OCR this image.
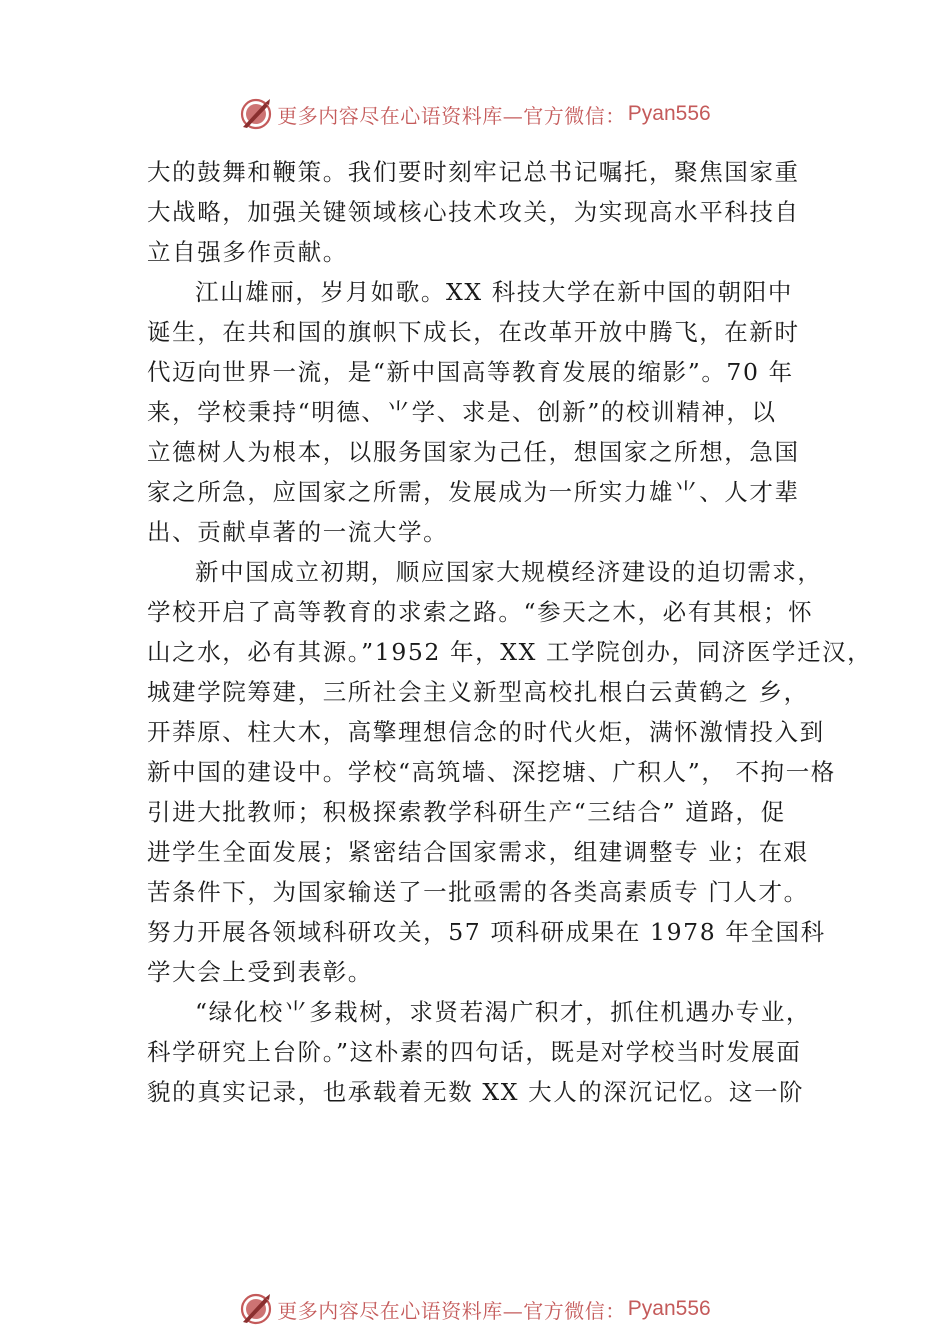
更多内容尽在心语资料库—官方微信： Pyan556
大的鼓舞和鞭策。我们要时刻牢记总书记嘱托，聚焦国家重
大战略，加强关键领域核心技术攻关，为实现高水平科技自
立自强多作贡献。
江山雄丽，岁月如歌。XX 科技大学在新中国的朝阳中
诞生，在共和国的旗帜下成长，在改革开放中腾飞，在新时
代迈向世界一流，是“新中国高等教育发展的缩影”。70 年
来，学校秉持“明德、⺌学、求是、创新”的校训精神，以
立德树人为根本，以服务国家为己任，想国家之所想，急国
家之所急，应国家之所需，发展成为一所实力雄⺌、人才辈
出、贡献卓著的一流大学。
新中国成立初期，顺应国家大规模经济建设的迫切需求，
学校开启了高等教育的求索之路。“参天之木，必有其根；怀
山之水，必有其源。”1952 年，XX 工学院创办，同济医学迁汉，
城建学院筹建，三所社会主义新型高校扎根白云黄鹤之 乡，
开莽原、柱大木，高擎理想信念的时代火炬，满怀激情投入到
新中国的建设中。学校“高筑墙、深挖塘、广积人”， 不拘一格
引进大批教师；积极探索教学科研生产“三结合” 道路，促
进学生全面发展；紧密结合国家需求，组建调整专 业；在艰
苦条件下，为国家输送了一批亟需的各类高素质专 门人才。
努力开展各领域科研攻关，57 项科研成果在 1978 年全国科
学大会上受到表彰。
“绿化校⺌多栽树，求贤若渴广积才，抓住机遇办专业，
科学研究上台阶。”这朴素的四句话，既是对学校当时发展面
貌的真实记录，也承载着无数 XX 大人的深沉记忆。这一阶
更多内容尽在心语资料库—官方微信： Pyan556
